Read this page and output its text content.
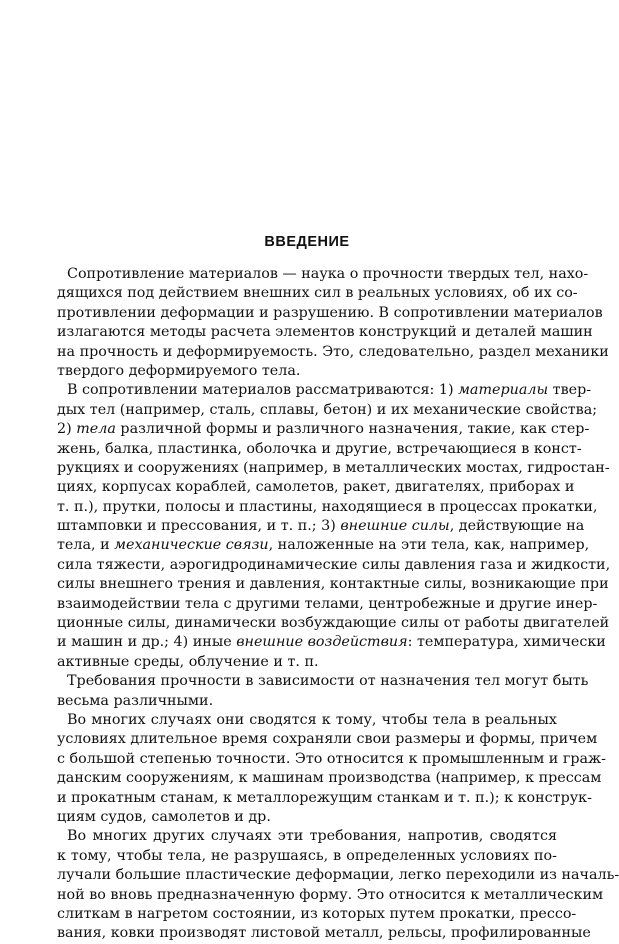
ВВЕДЕНИЕ
Сопротивление материалов — наука о прочности твердых тел, нахо-
дящихся под действием внешних сил в реальных условиях, об их со-
противлении деформации и разрушению. В сопротивлении материалов
излагаются методы расчета элементов конструкций и деталей машин
на прочность и деформируемость. Это, следовательно, раздел механики
твердого деформируемого тела.
В сопротивлении материалов рассматриваются: 1) материалы твер-
дых тел (например, сталь, сплавы, бетон) и их механические свойства;
2) тела различной формы и различного назначения, такие, как стер-
жень, балка, пластинка, оболочка и другие, встречающиеся в конст-
рукциях и сооружениях (например, в металлических мостах, гидростан-
циях, корпусах кораблей, самолетов, ракет, двигателях, приборах и
т. п.), прутки, полосы и пластины, находящиеся в процессах прокатки,
штамповки и прессования, и т. п.; 3) внешние силы, действующие на
тела, и механические связи, наложенные на эти тела, как, например,
сила тяжести, аэрогидродинамические силы давления газа и жидкости,
силы внешнего трения и давления, контактные силы, возникающие при
взаимодействии тела с другими телами, центробежные и другие инер-
ционные силы, динамически возбуждающие силы от работы двигателей
и машин и др.; 4) иные внешние воздействия: температура, химически
активные среды, облучение и т. п.
Требования прочности в зависимости от назначения тел могут быть
весьма различными.
Во многих случаях они сводятся к тому, чтобы тела в реальных
условиях длительное время сохраняли свои размеры и формы, причем
с большой степенью точности. Это относится к промышленным и граж-
данским сооружениям, к машинам производства (например, к прессам
и прокатным станам, к металлорежущим станкам и т. п.); к конструк-
циям судов, самолетов и др.
Во многих других случаях эти требования, напротив, сводятся
к тому, чтобы тела, не разрушаясь, в определенных условиях по-
лучали большие пластические деформации, легко переходили из началь-
ной во вновь предназначенную форму. Это относится к металлическим
слиткам в нагретом состоянии, из которых путем прокатки, прессо-
вания, ковки производят листовой металл, рельсы, профилированные
